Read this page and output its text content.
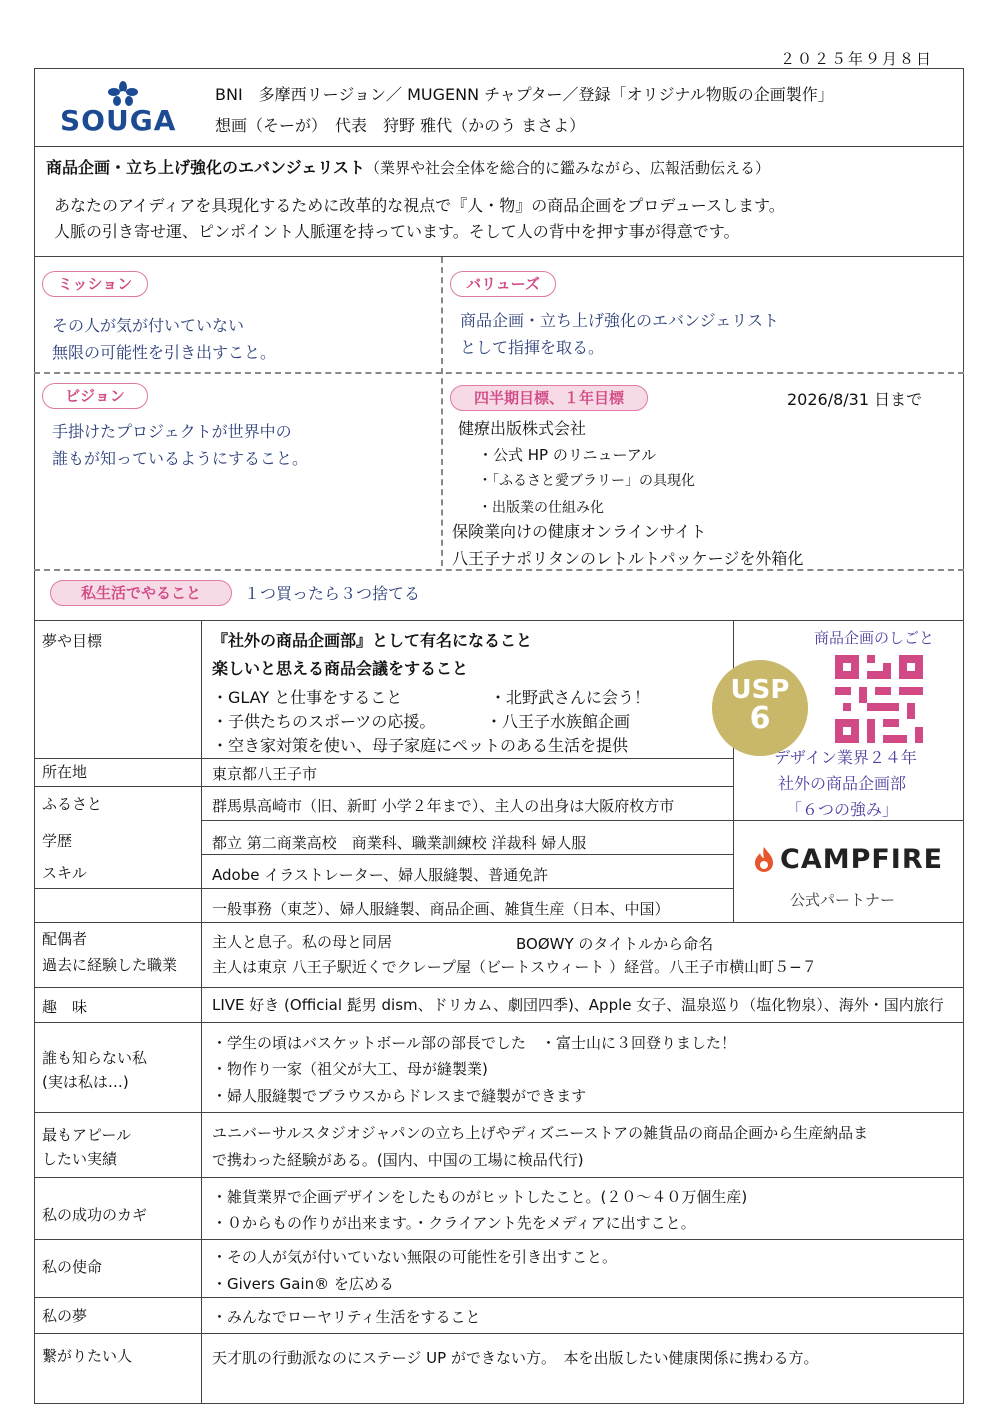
２０２５年９月８日
SOUGA
BNI　多摩西リージョン／ MUGENN チャプター／登録「オリジナル物販の企画製作」
想画（そーが）　代表　狩野 雅代（かのう まさよ）
商品企画・立ち上げ強化のエバンジェリスト（業界や社会全体を総合的に鑑みながら、広報活動伝える）
あなたのアイディアを具現化するために改革的な視点で『人・物』の商品企画をプロデュースします。
人脈の引き寄せ運、ピンポイント人脈運を持っています。そして人の背中を押す事が得意です。
ミッション
その人が気が付いていない
無限の可能性を引き出すこと。
バリューズ
商品企画・立ち上げ強化のエバンジェリスト
として指揮を取る。
ビジョン
手掛けたプロジェクトが世界中の
誰もが知っているようにすること。
四半期目標、１年目標	2026/8/31 日まで
健療出版株式会社
・公式 HP のリニューアル
・「ふるさと愛ブラリー」の具現化
・出版業の仕組み化
保険業向けの健康オンラインサイト
八王子ナポリタンのレトルトパッケージを外箱化
私生活でやること	１つ買ったら３つ捨てる
夢や目標	『社外の商品企画部』として有名になること
楽しいと思える商品会議をすること
・GLAY と仕事をすること	・北野武さんに会う！
・子供たちのスポーツの応援。	・八王子水族館企画
・空き家対策を使い、母子家庭にペットのある生活を提供
商品企画のしごと
USP
6
デザイン業界２４年
社外の商品企画部
「６つの強み」
CAMPFIRE
公式パートナー
所在地	東京都八王子市
ふるさと	群馬県高崎市（旧、新町 小学２年まで）、主人の出身は大阪府枚方市
学歴	都立 第二商業高校　商業科、職業訓練校 洋裁科 婦人服
スキル	Adobe イラストレーター、婦人服縫製、普通免許
一般事務（東芝）、婦人服縫製、商品企画、雑貨生産（日本、中国）
配偶者
過去に経験した職業
主人と息子。私の母と同居	BOØWY のタイトルから命名
主人は東京 八王子駅近くでクレープ屋（ビートスウィート ）経営。八王子市横山町５−７
趣　味	LIVE 好き (Official 髭男 dism、ドリカム、劇団四季)、Apple 女子、温泉巡り（塩化物泉）、海外・国内旅行
誰も知らない私
(実は私は…)
・学生の頃はバスケットボール部の部長でした　・富士山に３回登りました！
・物作り一家（祖父が大工、母が縫製業)
・婦人服縫製でブラウスからドレスまで縫製ができます
最もアピール
したい実績
ユニバーサルスタジオジャパンの立ち上げやディズニーストアの雑貨品の商品企画から生産納品ま
で携わった経験がある。(国内、中国の工場に検品代行)
私の成功のカギ
・雑貨業界で企画デザインをしたものがヒットしたこと。(２０〜４０万個生産)
・０からもの作りが出来ます。・クライアント先をメディアに出すこと。
私の使命
・その人が気が付いていない無限の可能性を引き出すこと。
・Givers Gain® を広める
私の夢	・みんなでローヤリティ生活をすること
繋がりたい人	天才肌の行動派なのにステージ UP ができない方。　本を出版したい健康関係に携わる方。
